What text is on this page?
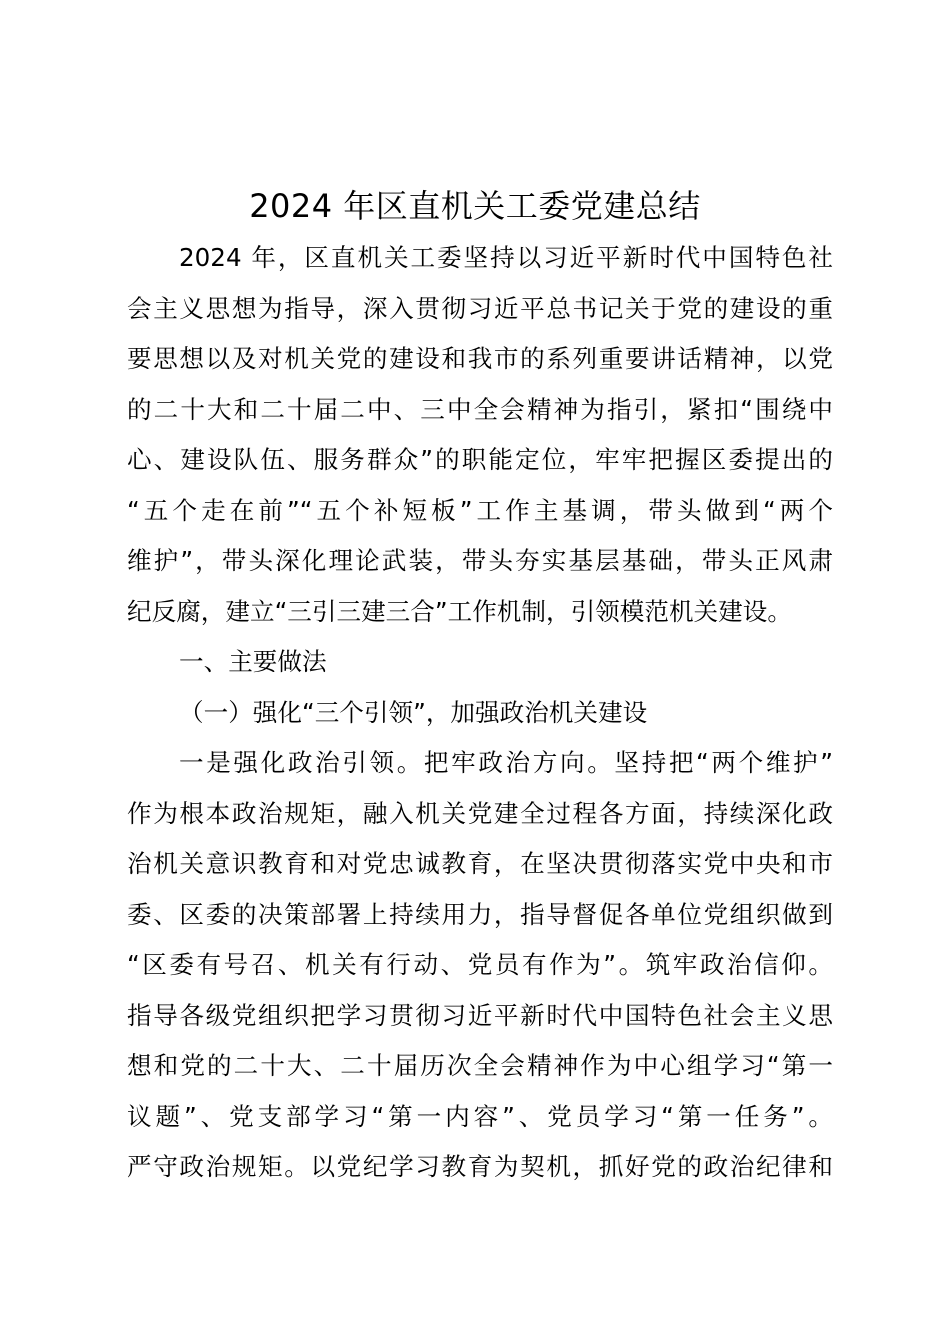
2024 年区直机关工委党建总结
2024 年，区直机关工委坚持以习近平新时代中国特色社
会主义思想为指导，深入贯彻习近平总书记关于党的建设的重
要思想以及对机关党的建设和我市的系列重要讲话精神，以党
的二十大和二十届二中、三中全会精神为指引，紧扣“围绕中
心、建设队伍、服务群众”的职能定位，牢牢把握区委提出的
“五个走在前”“五个补短板”工作主基调，带头做到“两个
维护”，带头深化理论武装，带头夯实基层基础，带头正风肃
纪反腐，建立“三引三建三合”工作机制，引领模范机关建设。
一、主要做法
（一）强化“三个引领”，加强政治机关建设
一是强化政治引领。把牢政治方向。坚持把“两个维护”
作为根本政治规矩，融入机关党建全过程各方面，持续深化政
治机关意识教育和对党忠诚教育，在坚决贯彻落实党中央和市
委、区委的决策部署上持续用力，指导督促各单位党组织做到
“区委有号召、机关有行动、党员有作为”。筑牢政治信仰。
指导各级党组织把学习贯彻习近平新时代中国特色社会主义思
想和党的二十大、二十届历次全会精神作为中心组学习“第一
议题”、党支部学习“第一内容”、党员学习“第一任务”。
严守政治规矩。以党纪学习教育为契机，抓好党的政治纪律和
